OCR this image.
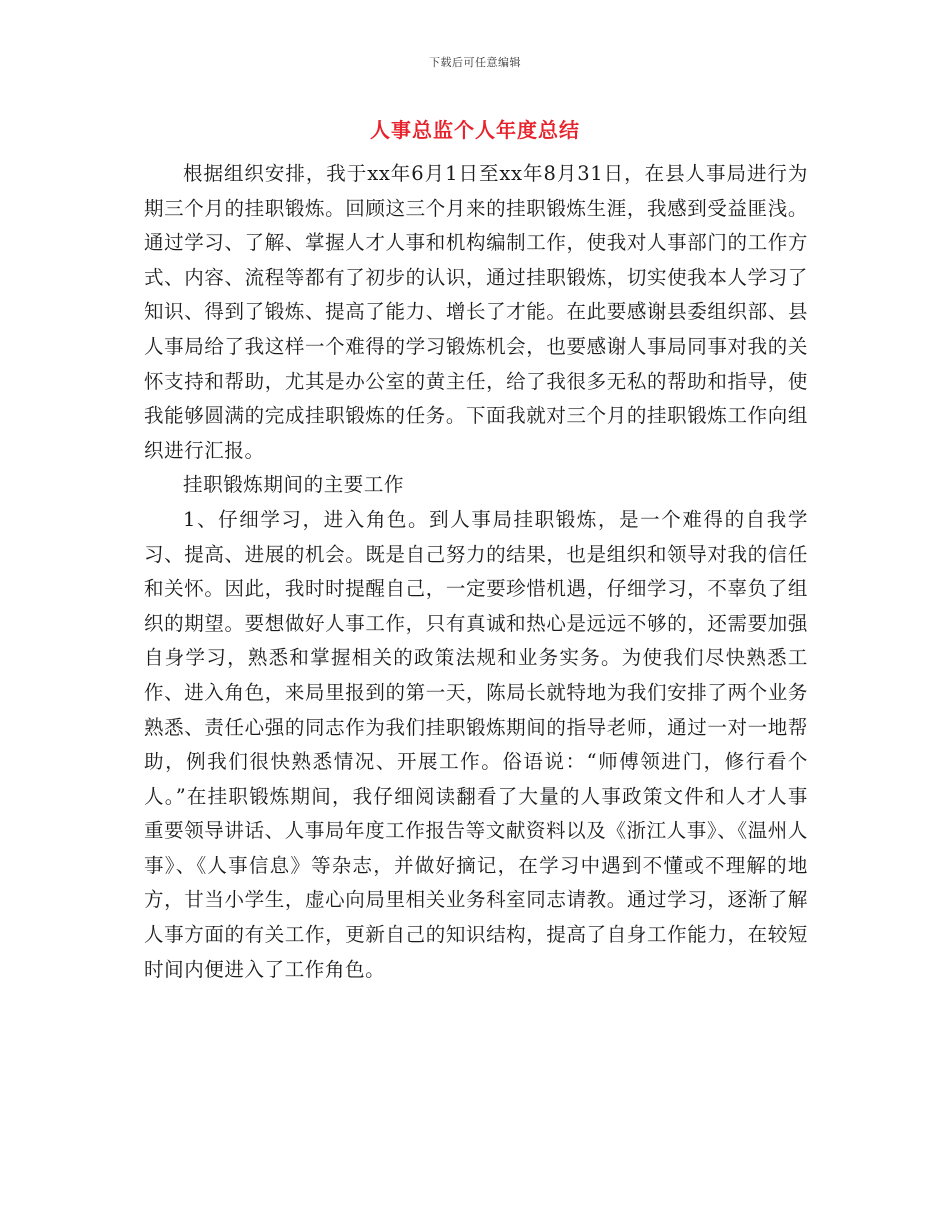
下载后可任意编辑
人事总监个人年度总结

根据组织安排，我于xx年6月1日至xx年8月31日，在县人事局进行为期三个月的挂职锻炼。回顾这三个月来的挂职锻炼生涯，我感到受益匪浅。通过学习、了解、掌握人才人事和机构编制工作，使我对人事部门的工作方式、内容、流程等都有了初步的认识，通过挂职锻炼，切实使我本人学习了知识、得到了锻炼、提高了能力、增长了才能。在此要感谢县委组织部、县人事局给了我这样一个难得的学习锻炼机会，也要感谢人事局同事对我的关怀支持和帮助，尤其是办公室的黄主任，给了我很多无私的帮助和指导，使我能够圆满的完成挂职锻炼的任务。下面我就对三个月的挂职锻炼工作向组织进行汇报。

挂职锻炼期间的主要工作

1、仔细学习，进入角色。到人事局挂职锻炼，是一个难得的自我学习、提高、进展的机会。既是自己努力的结果，也是组织和领导对我的信任和关怀。因此，我时时提醒自己，一定要珍惜机遇，仔细学习，不辜负了组织的期望。要想做好人事工作，只有真诚和热心是远远不够的，还需要加强自身学习，熟悉和掌握相关的政策法规和业务实务。为使我们尽快熟悉工作、进入角色，来局里报到的第一天，陈局长就特地为我们安排了两个业务熟悉、责任心强的同志作为我们挂职锻炼期间的指导老师，通过一对一地帮助，例我们很快熟悉情况、开展工作。俗语说：“师傅领进门，修行看个人。”在挂职锻炼期间，我仔细阅读翻看了大量的人事政策文件和人才人事重要领导讲话、人事局年度工作报告等文献资料以及《浙江人事》、《温州人事》、《人事信息》等杂志，并做好摘记，在学习中遇到不懂或不理解的地方，甘当小学生，虚心向局里相关业务科室同志请教。通过学习，逐渐了解人事方面的有关工作，更新自己的知识结构，提高了自身工作能力，在较短时间内便进入了工作角色。
